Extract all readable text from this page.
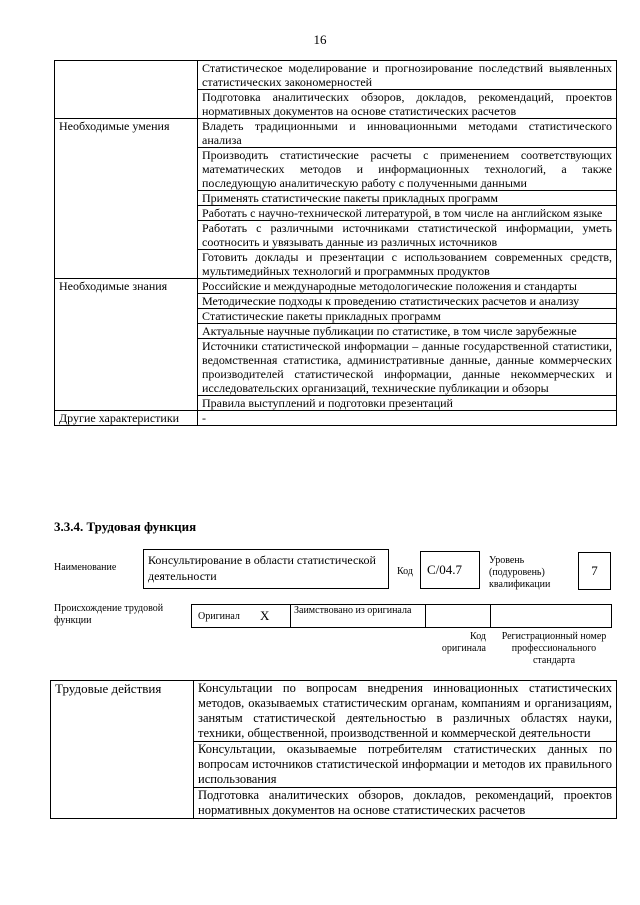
16
	Статистическое моделирование и прогнозирование последствий выявленных статистических закономерностей
	Подготовка аналитических обзоров, докладов, рекомендаций, проектов нормативных документов на основе статистических расчетов
Необходимые умения	Владеть традиционными и инновационными методами статистического анализа
	Производить статистические расчеты с применением соответствующих математических методов и информационных технологий, а также последующую аналитическую работу с полученными данными
	Применять статистические пакеты прикладных программ
	Работать с научно-технической литературой, в том числе на английском языке
	Работать с различными источниками статистической информации, уметь соотносить и увязывать данные из различных источников
	Готовить доклады и презентации с использованием современных средств, мультимедийных технологий и программных продуктов
Необходимые знания	Российские и международные методологические положения и стандарты
	Методические подходы к проведению статистических расчетов и анализу
	Статистические пакеты прикладных программ
	Актуальные научные публикации по статистике, в том числе зарубежные
	Источники статистической информации – данные государственной статистики, ведомственная статистика, административные данные, данные коммерческих производителей статистической информации, данные некоммерческих и исследовательских организаций, технические публикации и обзоры
	Правила выступлений и подготовки презентаций
Другие характеристики	-
3.3.4. Трудовая функция
Наименование
Консультирование в области статистической деятельности	Код	C/04.7
Уровень (подуровень) квалификации
7
Происхождение трудовой функции	Оригинал X Заимствовано из оригинала
Код оригинала
Регистрационный номер профессионального стандарта
Трудовые действия	Консультации по вопросам внедрения инновационных статистических методов, оказываемых статистическим органам, компаниям и организациям, занятым статистической деятельностью в различных областях науки, техники, общественной, производственной и коммерческой деятельности
Консультации, оказываемые потребителям статистических данных по вопросам источников статистической информации и методов их правильного использования
Подготовка аналитических обзоров, докладов, рекомендаций, проектов нормативных документов на основе статистических расчетов
